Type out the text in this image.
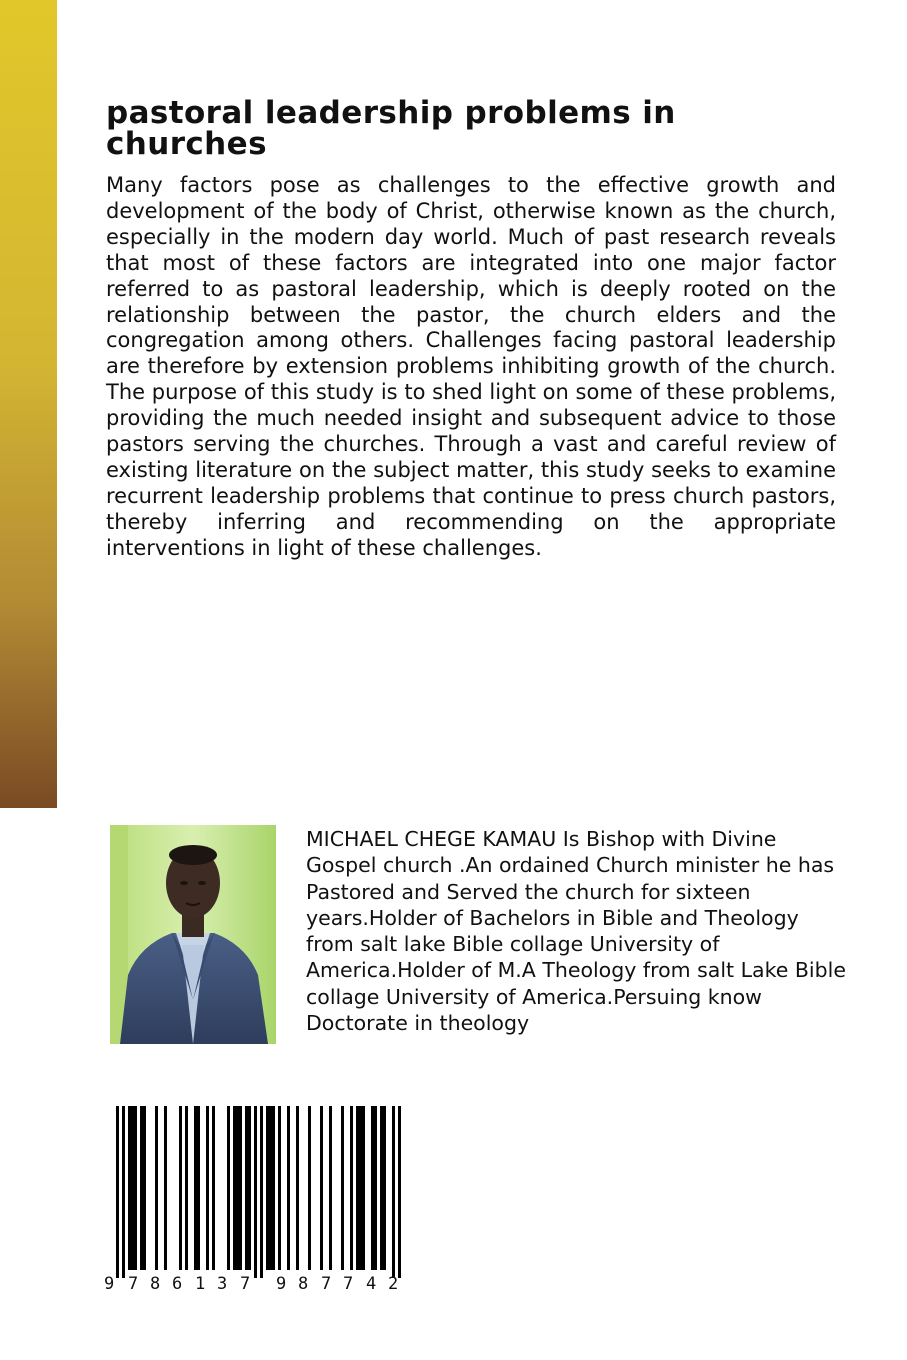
pastoral leadership problems in churches

Many factors pose as challenges to the effective growth and development of the body of Christ, otherwise known as the church, especially in the modern day world. Much of past research reveals that most of these factors are integrated into one major factor referred to as pastoral leadership, which is deeply rooted on the relationship between the pastor, the church elders and the congregation among others. Challenges facing pastoral leadership are therefore by extension problems inhibiting growth of the church. The purpose of this study is to shed light on some of these problems, providing the much needed insight and subsequent advice to those pastors serving the churches. Through a vast and careful review of existing literature on the subject matter, this study seeks to examine recurrent leadership problems that continue to press church pastors, thereby inferring and recommending on the appropriate interventions in light of these challenges.

MICHAEL CHEGE KAMAU Is Bishop with Divine Gospel church .An ordained Church minister he has Pastored and Served the church for sixteen years.Holder of Bachelors in Bible and Theology from salt lake Bible collage University of America.Holder of M.A Theology from salt Lake Bible collage University of America.Persuing know Doctorate in theology

9 7 8 6 1 3 7 9 8 7 7 4 2
